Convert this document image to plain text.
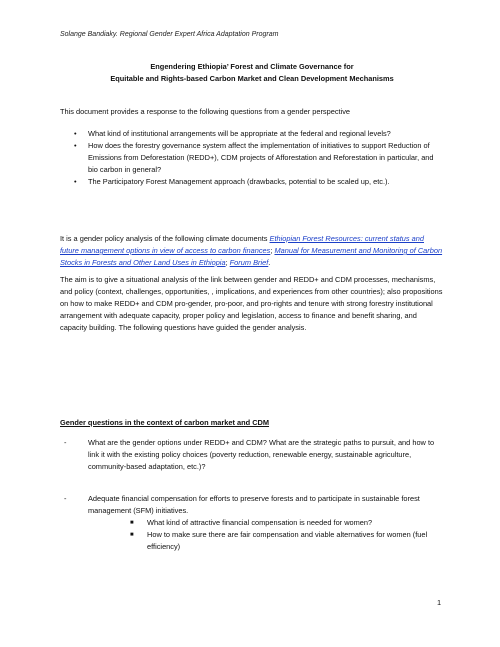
Solange Bandiaky. Regional Gender Expert Africa Adaptation Program
Engendering Ethiopia’ Forest and Climate Governance for
Equitable and Rights-based Carbon Market and Clean Development Mechanisms
This document provides a response to the following questions from a gender perspective
• What kind of institutional arrangements will be appropriate at the federal and regional levels?
• How does the forestry governance system affect the implementation of initiatives to support Reduction of Emissions from Deforestation (REDD+), CDM projects of Afforestation and Reforestation in particular, and bio carbon in general?
• The Participatory Forest Management approach (drawbacks, potential to be scaled up, etc.).
It is a gender policy analysis of the following climate documents Ethiopian Forest Resources: current status and future management options in view of access to carbon finances; Manual for Measurement and Monitoring of Carbon Stocks in Forests and Other Land Uses in Ethiopia; Forum Brief.
The aim is to give a situational analysis of the link between gender and REDD+ and CDM processes, mechanisms, and policy (context, challenges, opportunities, , implications, and experiences from other countries); also propositions on how to make REDD+ and CDM pro-gender, pro-poor, and pro-rights and tenure with strong forestry institutional arrangement with adequate capacity, proper policy and legislation, access to finance and benefit sharing, and capacity building. The following questions have guided the gender analysis.
Gender questions in the context of carbon market and CDM
-	What are the gender options under REDD+ and CDM? What are the strategic paths to pursuit, and how to link it with the existing policy choices (poverty reduction, renewable energy, sustainable agriculture, community-based adaptation, etc.)?
-	Adequate financial compensation for efforts to preserve forests and to participate in sustainable forest management (SFM) initiatives.
■ What kind of attractive financial compensation is needed for women?
■ How to make sure there are fair compensation and viable alternatives for women (fuel efficiency)
1
